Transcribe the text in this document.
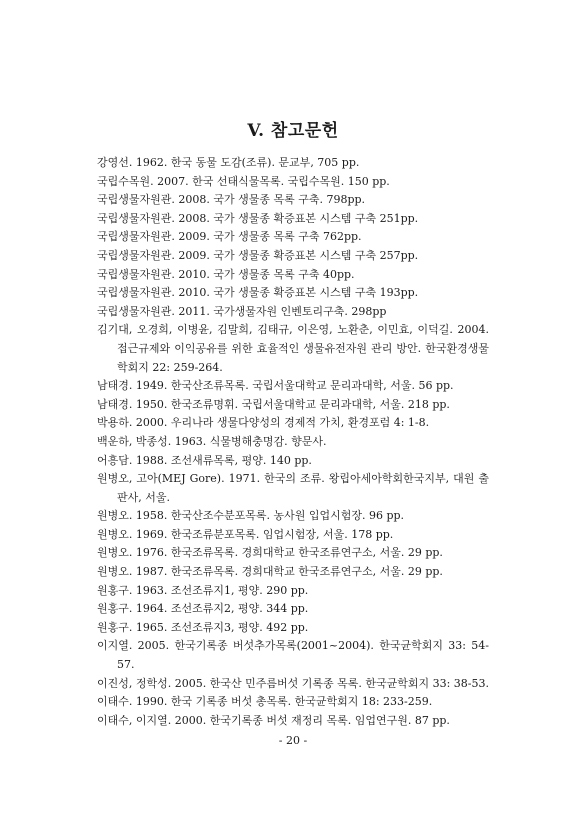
V. 참고문헌
강영선. 1962. 한국 동물 도감(조류). 문교부, 705 pp.
국립수목원. 2007. 한국 선태식물목록. 국립수목원. 150 pp.
국립생물자원관. 2008. 국가 생물종 목록 구축. 798pp.
국립생물자원관. 2008. 국가 생물종 확증표본 시스템 구축 251pp.
국립생물자원관. 2009. 국가 생물종 목록 구축 762pp.
국립생물자원관. 2009. 국가 생물종 확증표본 시스템 구축 257pp.
국립생물자원관. 2010. 국가 생물종 목록 구축 40pp.
국립생물자원관. 2010. 국가 생물종 확증표본 시스템 구축 193pp.
국립생물자원관. 2011. 국가생물자원 인벤토리구축. 298pp
김기대, 오경희, 이병윤, 김말희, 김태규, 이은영, 노환춘, 이민효, 이덕길. 2004. 접근규제와 이익공유를 위한 효율적인 생물유전자원 관리 방안. 한국환경생물학회지 22: 259-264.
남태경. 1949. 한국산조류목록. 국립서울대학교 문리과대학, 서울. 56 pp.
남태경. 1950. 한국조류명휘. 국립서울대학교 문리과대학, 서울. 218 pp.
박용하. 2000. 우리나라 생물다양성의 경제적 가치, 환경포럼 4: 1-8.
백운하, 박종성. 1963. 식물병해충명감. 향문사.
어흥담. 1988. 조선새류목록, 평양. 140 pp.
원병오, 고아(MEJ Gore). 1971. 한국의 조류. 왕립아세아학회한국지부, 대원 출판사, 서울.
원병오. 1958. 한국산조수분포목록. 농사원 입업시험장. 96 pp.
원병오. 1969. 한국조류분포목록. 임업시험장, 서울. 178 pp.
원병오. 1976. 한국조류목록. 경희대학교 한국조류연구소, 서울. 29 pp.
원병오. 1987. 한국조류목록. 경희대학교 한국조류연구소, 서울. 29 pp.
원홍구. 1963. 조선조류지1, 평양. 290 pp.
원홍구. 1964. 조선조류지2, 평양. 344 pp.
원홍구. 1965. 조선조류지3, 평양. 492 pp.
이지열. 2005. 한국기록종 버섯추가목록(2001~2004). 한국균학회지 33: 54-57.
이진성, 정학성. 2005. 한국산 민주름버섯 기록종 목록. 한국균학회지 33: 38-53.
이태수. 1990. 한국 기록종 버섯 총목록. 한국균학회지 18: 233-259.
이태수, 이지열. 2000. 한국기록종 버섯 재정리 목록. 임업연구원. 87 pp.
- 20 -
